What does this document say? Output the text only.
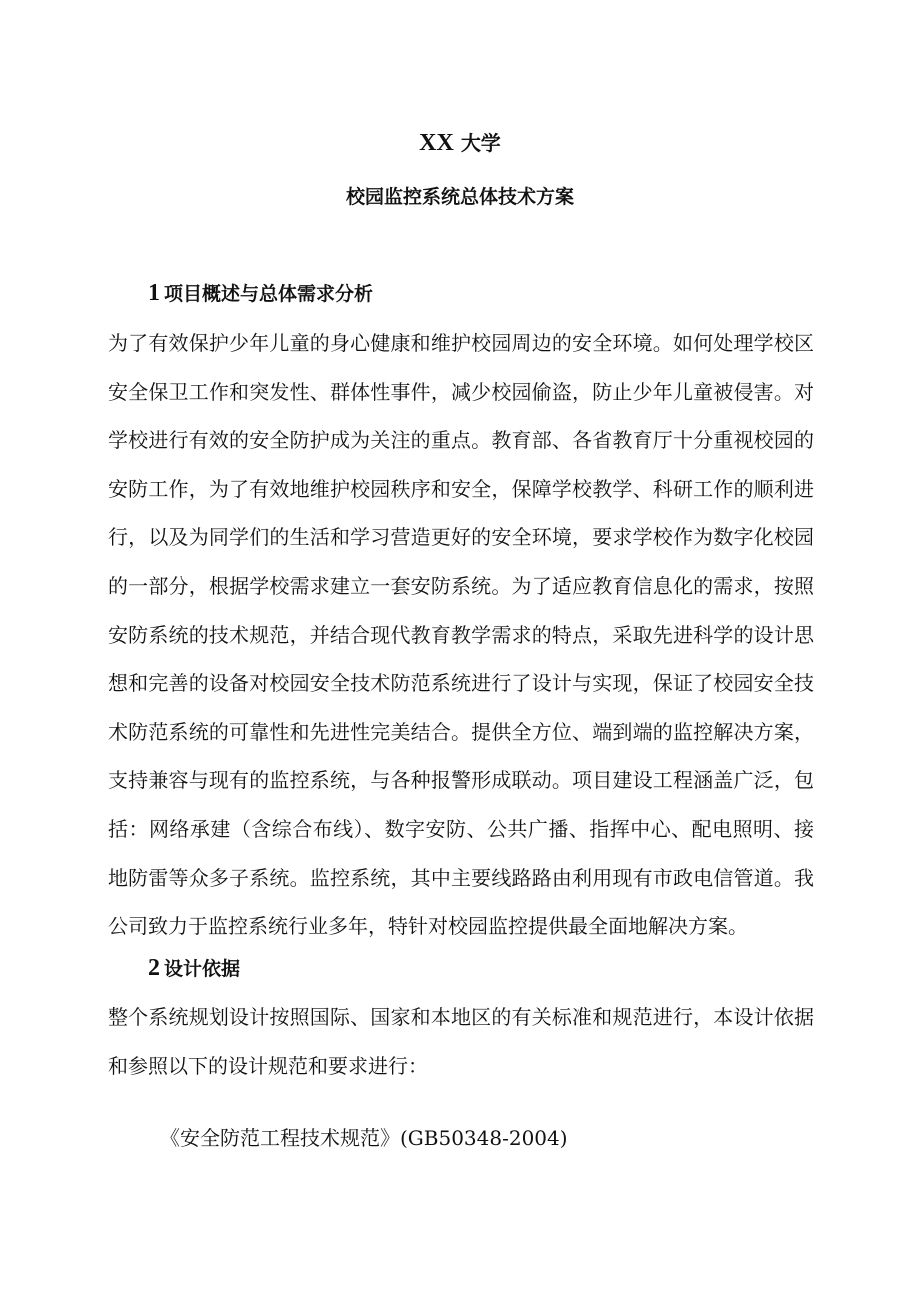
XX 大学
校园监控系统总体技术方案
1 项目概述与总体需求分析

为了有效保护少年儿童的身心健康和维护校园周边的安全环境。如何处理学校区安全保卫工作和突发性、群体性事件，减少校园偷盗，防止少年儿童被侵害。对学校进行有效的安全防护成为关注的重点。教育部、各省教育厅十分重视校园的安防工作，为了有效地维护校园秩序和安全，保障学校教学、科研工作的顺利进行，以及为同学们的生活和学习营造更好的安全环境，要求学校作为数字化校园的一部分，根据学校需求建立一套安防系统。为了适应教育信息化的需求，按照安防系统的技术规范，并结合现代教育教学需求的特点，采取先进科学的设计思想和完善的设备对校园安全技术防范系统进行了设计与实现，保证了校园安全技术防范系统的可靠性和先进性完美结合。提供全方位、端到端的监控解决方案，支持兼容与现有的监控系统，与各种报警形成联动。项目建设工程涵盖广泛，包括：网络承建（含综合布线）、数字安防、公共广播、指挥中心、配电照明、接地防雷等众多子系统。监控系统，其中主要线路路由利用现有市政电信管道。我公司致力于监控系统行业多年，特针对校园监控提供最全面地解决方案。

2 设计依据

整个系统规划设计按照国际、国家和本地区的有关标准和规范进行，本设计依据和参照以下的设计规范和要求进行：

《安全防范工程技术规范》(GB50348-2004)
